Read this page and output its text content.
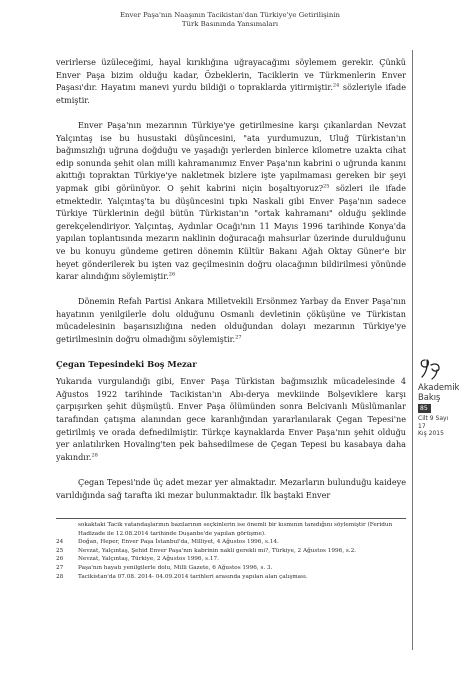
Enver Paşa'nın Naaşının Tacikistan'dan Türkiye'ye Getirilişinin
Türk Basınında Yansımaları

verirlerse üzüleceğimi, hayal kırıklığına uğrayacağımı söylemem gerekir. Çünkü Enver Paşa bizim olduğu kadar, Özbeklerin, Taciklerin ve Türkmenlerin Enver Paşası'dır. Hayatını manevi yurdu bildiği o topraklarda yitirmiştir.$^{24}$ sözleriyle ifade etmiştir.

Enver Paşa'nın mezarının Türkiye'ye getirilmesine karşı çıkanlardan Nevzat Yalçıntaş ise bu husustaki düşüncesini, "ata yurdumuzun, Uluğ Türkistan'ın bağımsızlığı uğruna doğduğu ve yaşadığı yerlerden binlerce kilometre uzakta cihat edip sonunda şehit olan milli kahramanımız Enver Paşa'nın kabrini o uğrunda kanını akıttığı topraktan Türkiye'ye nakletmek bizlere işte yapılmaması gereken bir şeyi yapmak gibi görünüyor. O şehit kabrini niçin boşaltıyoruz?$^{25}$ sözleri ile ifade etmektedir. Yalçıntaş'ta bu düşüncesini tıpkı Naskali gibi Enver Paşa'nın sadece Türkiye Türklerinin değil bütün Türkistan'ın "ortak kahramanı" olduğu şeklinde gerekçelendiriyor. Yalçıntaş, Aydınlar Ocağı'nın 11 Mayıs 1996 tarihinde Konya'da yapılan toplantısında mezarın naklinin doğuracağı mahsurlar üzerinde durulduğunu ve bu konuyu gündeme getiren dönemin Kültür Bakanı Ağah Oktay Güner'e bir heyet gönderilerek bu işten vaz geçilmesinin doğru olacağının bildirilmesi yönünde karar alındığını söylemiştir.$^{26}$

Dönemin Refah Partisi Ankara Milletvekili Ersönmez Yarbay da Enver Paşa'nın hayatının yenilgilerle dolu olduğunu Osmanlı devletinin çöküşüne ve Türkistan mücadelesinin başarısızlığına neden olduğundan dolayı mezarının Türkiye'ye getirilmesinin doğru olmadığını söylemiştir.$^{27}$

Çegan Tepesindeki Boş Mezar

Yukarıda vurgulandığı gibi, Enver Paşa Türkistan bağımsızlık mücadelesinde 4 Ağustos 1922 tarihinde Tacikistan'ın Abı-derya mevkiinde Bolşeviklere karşı çarpışırken şehit düşmüştü. Enver Paşa ölümünden sonra Belcivanlı Müslümanlar tarafından çatışma alanından gece karanlığından yararlanılarak Çegan Tepesi'ne getirilmiş ve orada defnedilmiştir. Türkçe kaynaklarda Enver Paşa'nın şehit olduğu yer anlatılırken Hovaling'ten pek bahsedilmese de Çegan Tepesi bu kasabaya daha yakındır.$^{28}$

Çegan Tepesi'nde üç adet mezar yer almaktadır. Mezarların bulunduğu kaideye varıldığında sağ tarafta iki mezar bulunmaktadır. İlk baştaki Enver

sokaktaki Tacik vatandaşlarının bazılarının seçkinlerin ise önemli bir kısmının tanıdığını söylemiştir (Feridun Hadizade ile 12.08.2014 tarihinde Duşanbe'de yapılan görüşme).
24	Doğan, Heper, Enver Paşa İstanbul'da, Milliyet, 4 Ağustos 1996, s.14.
25	Nevzat, Yalçıntaş, Şehid Enver Paşa'nın kabrinin nakli gerekli mi?, Türkiye, 2 Ağustos 1996, s.2.
26	Nevzat, Yalçıntaş, Türkiye, 2 Ağustos 1996, s.17.
27	Paşa'nın hayatı yenilgilerle dolu, Milli Gazete, 6 Ağustos 1996, s. 3.
28	Tacikistan'da 07.08. 2014- 04.09.2014 tarihleri arasında yapılan alan çalışması.
Akademik Bakış
85
Cilt 9 Sayı 17
Kış 2015
